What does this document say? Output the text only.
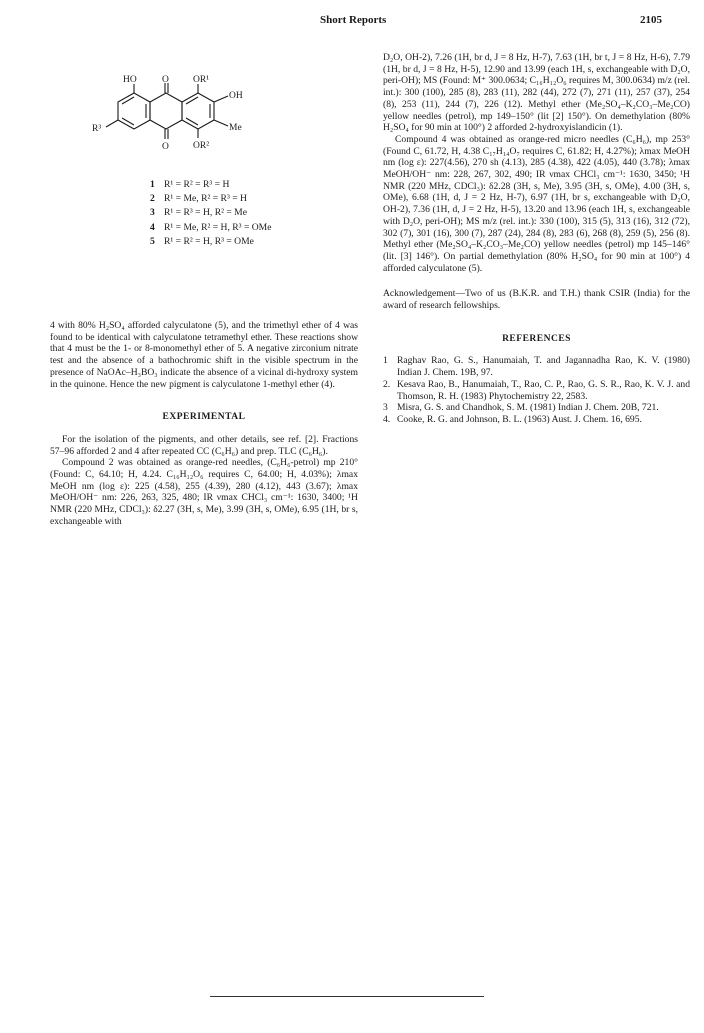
Short Reports	2105
HO	O	OR¹
OH
R³	Me
O	OR²
1 R¹ = R² = R³ = H
2 R¹ = Me, R² = R³ = H
3 R¹ = R³ = H, R² = Me
4 R¹ = Me, R² = H, R³ = OMe
5 R¹ = R² = H, R³ = OMe

4 with 80% H₂SO₄ afforded calyculatone (5), and the trimethyl ether of 4 was found to be identical with calyculatone tetramethyl ether. These reactions show that 4 must be the 1- or 8-monomethyl ether of 5. A negative zirconium nitrate test and the absence of a bathochromic shift in the visible spectrum in the presence of NaOAc–H₃BO₃ indicate the absence of a vicinal di-hydroxy system in the quinone. Hence the new pigment is calyculatone 1-methyl ether (4).

EXPERIMENTAL

For the isolation of the pigments, and other details, see ref. [2]. Fractions 57–96 afforded 2 and 4 after repeated CC (C₆H₆) and prep. TLC (C₆H₆).

Compound 2 was obtained as orange-red needles, (C₆H₆-petrol) mp 210° (Found: C, 64.10; H, 4.24. C₁₆H₁₂O₆ requires C, 64.00; H, 4.03%); λmax MeOH nm (log ε): 225 (4.58), 255 (4.39), 280 (4.12), 443 (3.67); λmax MeOH/OH⁻ nm: 226, 263, 325, 480; IR νmax CHCl₃ cm⁻¹: 1630, 3400; ¹H NMR (220 MHz, CDCl₃): δ2.27 (3H, s, Me), 3.99 (3H, s, OMe), 6.95 (1H, br s, exchangeable with

D₂O, OH-2), 7.26 (1H, br d, J = 8 Hz, H-7), 7.63 (1H, br t, J = 8 Hz, H-6), 7.79 (1H, br d, J = 8 Hz, H-5), 12.90 and 13.99 (each 1H, s, exchangeable with D₂O, peri-OH); MS (Found: M⁺ 300.0634; C₁₆H₁₂O₆ requires M, 300.0634) m/z (rel. int.): 300 (100), 285 (8), 283 (11), 282 (44), 272 (7), 271 (11), 257 (37), 254 (8), 253 (11), 244 (7), 226 (12). Methyl ether (Me₂SO₄–K₂CO₃–Me₂CO) yellow needles (petrol), mp 149–150° (lit [2] 150°). On demethylation (80% H₂SO₄ for 90 min at 100°) 2 afforded 2-hydroxyislandicin (1).

Compound 4 was obtained as orange-red micro needles (C₆H₆), mp 253° (Found C, 61.72, H, 4.38 C₁₇H₁₄O₇ requires C, 61.82; H, 4.27%); λmax MeOH nm (log ε): 227(4.56), 270 sh (4.13), 285 (4.38), 422 (4.05), 440 (3.78); λmax MeOH/OH⁻ nm: 228, 267, 302, 490; IR νmax CHCl₃ cm⁻¹: 1630, 3450; ¹H NMR (220 MHz, CDCl₃): δ2.28 (3H, s, Me), 3.95 (3H, s, OMe), 4.00 (3H, s, OMe), 6.68 (1H, d, J = 2 Hz, H-7), 6.97 (1H, br s, exchangeable with D₂O, OH-2), 7.36 (1H, d, J = 2 Hz, H-5), 13.20 and 13.96 (each 1H, s, exchangeable with D₂O, peri-OH); MS m/z (rel. int.): 330 (100), 315 (5), 313 (16), 312 (72), 302 (7), 301 (16), 300 (7), 287 (24), 284 (8), 283 (6), 268 (8), 259 (5), 256 (8). Methyl ether (Me₂SO₄–K₂CO₃–Me₂CO) yellow needles (petrol) mp 145–146° (lit. [3] 146°). On partial demethylation (80% H₂SO₄ for 90 min at 100°) 4 afforded calyculatone (5).

Acknowledgement—Two of us (B.K.R. and T.H.) thank CSIR (India) for the award of research fellowships.

REFERENCES

1 Raghav Rao, G. S., Hanumaiah, T. and Jagannadha Rao, K. V. (1980) Indian J. Chem. 19B, 97.
2. Kesava Rao, B., Hanumaiah, T., Rao, C. P., Rao, G. S. R., Rao, K. V. J. and Thomson, R. H. (1983) Phytochemistry 22, 2583.
3 Misra, G. S. and Chandhok, S. M. (1981) Indian J. Chem. 20B, 721.
4. Cooke, R. G. and Johnson, B. L. (1963) Aust. J. Chem. 16, 695.
